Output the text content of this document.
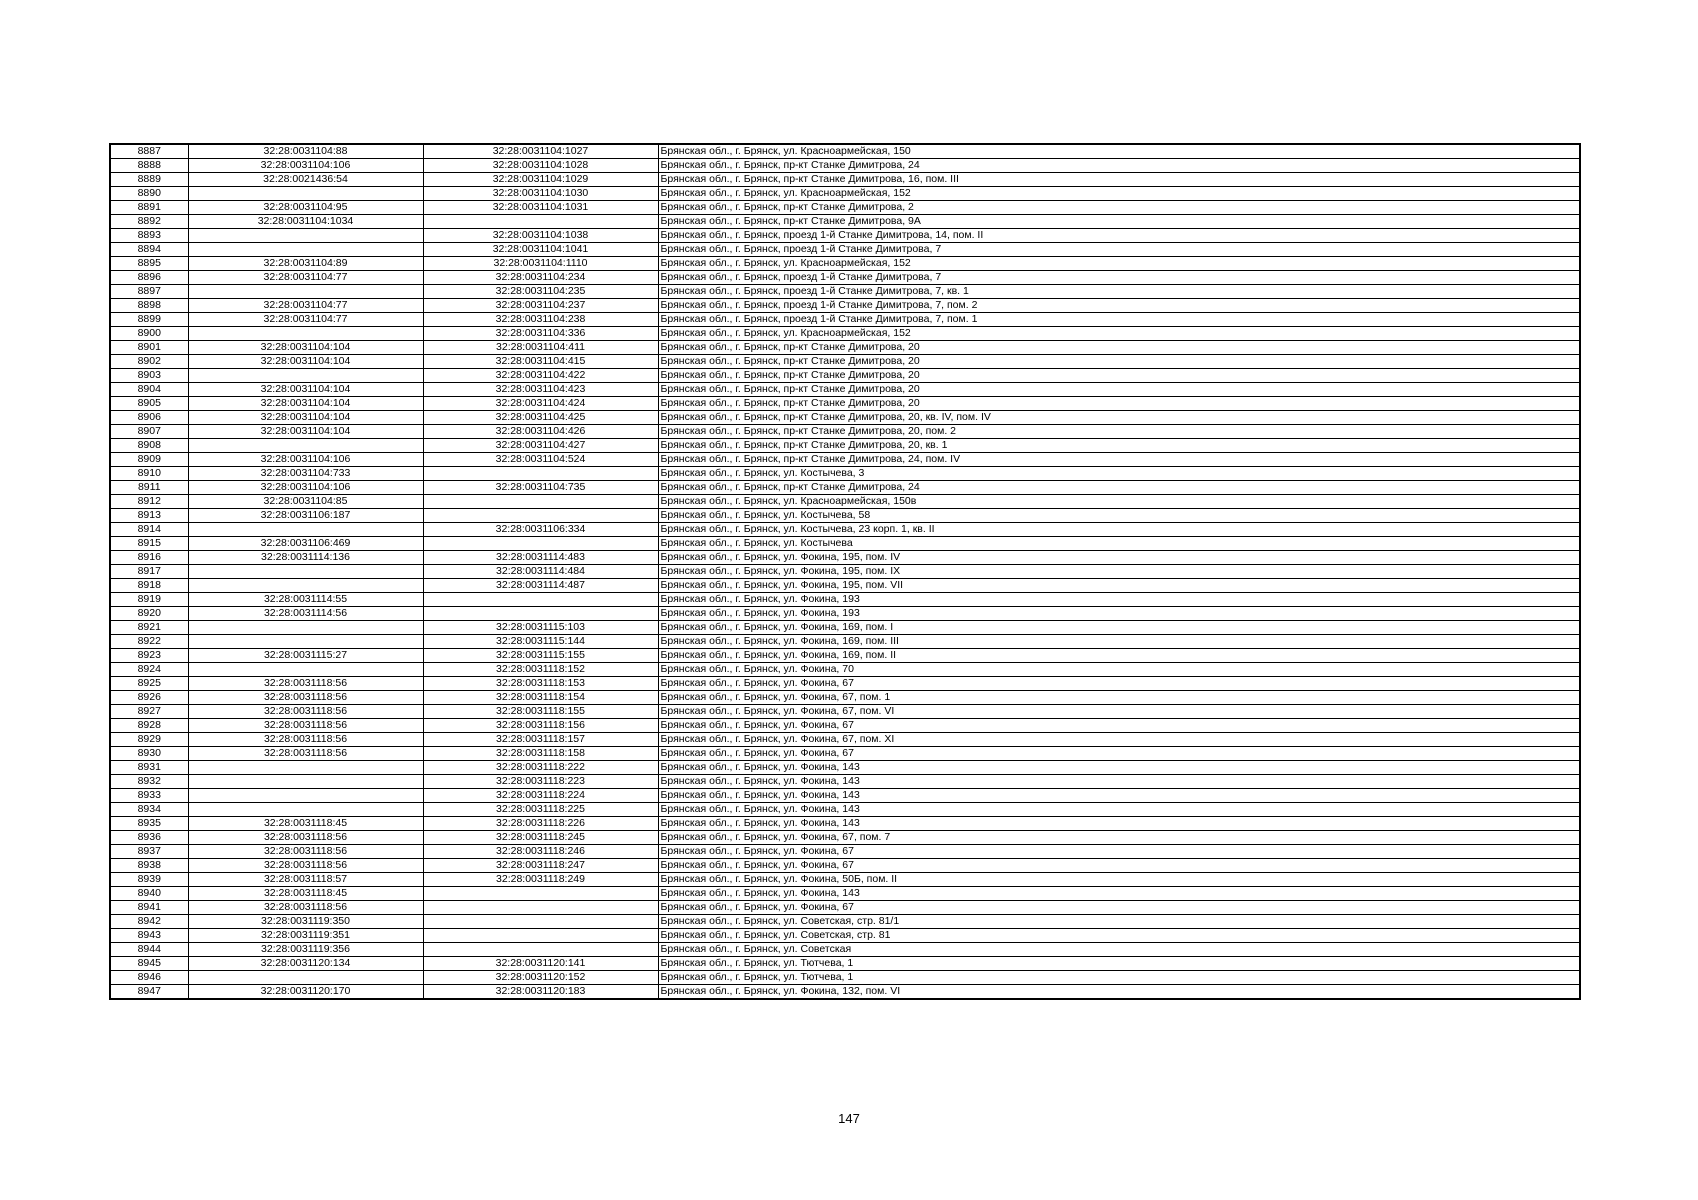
8887	32:28:0031104:88	32:28:0031104:1027	Брянская обл., г. Брянск, ул. Красноармейская, 150
8888	32:28:0031104:106	32:28:0031104:1028	Брянская обл., г. Брянск, пр-кт Станке Димитрова, 24
8889	32:28:0021436:54	32:28:0031104:1029	Брянская обл., г. Брянск, пр-кт Станке Димитрова, 16, пом. III
8890		32:28:0031104:1030	Брянская обл., г. Брянск, ул. Красноармейская, 152
8891	32:28:0031104:95	32:28:0031104:1031	Брянская обл., г. Брянск, пр-кт Станке Димитрова, 2
8892	32:28:0031104:1034		Брянская обл., г. Брянск, пр-кт Станке Димитрова, 9А
8893		32:28:0031104:1038	Брянская обл., г. Брянск, проезд 1-й Станке Димитрова, 14, пом. II
8894		32:28:0031104:1041	Брянская обл., г. Брянск, проезд 1-й Станке Димитрова, 7
8895	32:28:0031104:89	32:28:0031104:1110	Брянская обл., г. Брянск, ул. Красноармейская, 152
8896	32:28:0031104:77	32:28:0031104:234	Брянская обл., г. Брянск, проезд 1-й Станке Димитрова, 7
8897		32:28:0031104:235	Брянская обл., г. Брянск, проезд 1-й Станке Димитрова, 7, кв. 1
8898	32:28:0031104:77	32:28:0031104:237	Брянская обл., г. Брянск, проезд 1-й Станке Димитрова, 7, пом. 2
8899	32:28:0031104:77	32:28:0031104:238	Брянская обл., г. Брянск, проезд 1-й Станке Димитрова, 7, пом. 1
8900		32:28:0031104:336	Брянская обл., г. Брянск, ул. Красноармейская, 152
8901	32:28:0031104:104	32:28:0031104:411	Брянская обл., г. Брянск, пр-кт Станке Димитрова, 20
8902	32:28:0031104:104	32:28:0031104:415	Брянская обл., г. Брянск, пр-кт Станке Димитрова, 20
8903		32:28:0031104:422	Брянская обл., г. Брянск, пр-кт Станке Димитрова, 20
8904	32:28:0031104:104	32:28:0031104:423	Брянская обл., г. Брянск, пр-кт Станке Димитрова, 20
8905	32:28:0031104:104	32:28:0031104:424	Брянская обл., г. Брянск, пр-кт Станке Димитрова, 20
8906	32:28:0031104:104	32:28:0031104:425	Брянская обл., г. Брянск, пр-кт Станке Димитрова, 20, кв. IV, пом. IV
8907	32:28:0031104:104	32:28:0031104:426	Брянская обл., г. Брянск, пр-кт Станке Димитрова, 20, пом. 2
8908		32:28:0031104:427	Брянская обл., г. Брянск, пр-кт Станке Димитрова, 20, кв. 1
8909	32:28:0031104:106	32:28:0031104:524	Брянская обл., г. Брянск, пр-кт Станке Димитрова, 24, пом. IV
8910	32:28:0031104:733		Брянская обл., г. Брянск, ул. Костычева, 3
8911	32:28:0031104:106	32:28:0031104:735	Брянская обл., г. Брянск, пр-кт Станке Димитрова, 24
8912	32:28:0031104:85		Брянская обл., г. Брянск, ул. Красноармейская, 150в
8913	32:28:0031106:187		Брянская обл., г. Брянск, ул. Костычева, 58
8914		32:28:0031106:334	Брянская обл., г. Брянск, ул. Костычева, 23 корп. 1, кв. II
8915	32:28:0031106:469		Брянская обл., г. Брянск, ул. Костычева
8916	32:28:0031114:136	32:28:0031114:483	Брянская обл., г. Брянск, ул. Фокина, 195, пом. IV
8917		32:28:0031114:484	Брянская обл., г. Брянск, ул. Фокина, 195, пом. IX
8918		32:28:0031114:487	Брянская обл., г. Брянск, ул. Фокина, 195, пом. VII
8919	32:28:0031114:55		Брянская обл., г. Брянск, ул. Фокина, 193
8920	32:28:0031114:56		Брянская обл., г. Брянск, ул. Фокина, 193
8921		32:28:0031115:103	Брянская обл., г. Брянск, ул. Фокина, 169, пом. I
8922		32:28:0031115:144	Брянская обл., г. Брянск, ул. Фокина, 169, пом. III
8923	32:28:0031115:27	32:28:0031115:155	Брянская обл., г. Брянск, ул. Фокина, 169, пом. II
8924		32:28:0031118:152	Брянская обл., г. Брянск, ул. Фокина, 70
8925	32:28:0031118:56	32:28:0031118:153	Брянская обл., г. Брянск, ул. Фокина, 67
8926	32:28:0031118:56	32:28:0031118:154	Брянская обл., г. Брянск, ул. Фокина, 67, пом. 1
8927	32:28:0031118:56	32:28:0031118:155	Брянская обл., г. Брянск, ул. Фокина, 67, пом. VI
8928	32:28:0031118:56	32:28:0031118:156	Брянская обл., г. Брянск, ул. Фокина, 67
8929	32:28:0031118:56	32:28:0031118:157	Брянская обл., г. Брянск, ул. Фокина, 67, пом. XI
8930	32:28:0031118:56	32:28:0031118:158	Брянская обл., г. Брянск, ул. Фокина, 67
8931		32:28:0031118:222	Брянская обл., г. Брянск, ул. Фокина, 143
8932		32:28:0031118:223	Брянская обл., г. Брянск, ул. Фокина, 143
8933		32:28:0031118:224	Брянская обл., г. Брянск, ул. Фокина, 143
8934		32:28:0031118:225	Брянская обл., г. Брянск, ул. Фокина, 143
8935	32:28:0031118:45	32:28:0031118:226	Брянская обл., г. Брянск, ул. Фокина, 143
8936	32:28:0031118:56	32:28:0031118:245	Брянская обл., г. Брянск, ул. Фокина, 67, пом. 7
8937	32:28:0031118:56	32:28:0031118:246	Брянская обл., г. Брянск, ул. Фокина, 67
8938	32:28:0031118:56	32:28:0031118:247	Брянская обл., г. Брянск, ул. Фокина, 67
8939	32:28:0031118:57	32:28:0031118:249	Брянская обл., г. Брянск, ул. Фокина, 50Б, пом. II
8940	32:28:0031118:45		Брянская обл., г. Брянск, ул. Фокина, 143
8941	32:28:0031118:56		Брянская обл., г. Брянск, ул. Фокина, 67
8942	32:28:0031119:350		Брянская обл., г. Брянск, ул. Советская, стр. 81/1
8943	32:28:0031119:351		Брянская обл., г. Брянск, ул. Советская, стр. 81
8944	32:28:0031119:356		Брянская обл., г. Брянск, ул. Советская
8945	32:28:0031120:134	32:28:0031120:141	Брянская обл., г. Брянск, ул. Тютчева, 1
8946		32:28:0031120:152	Брянская обл., г. Брянск, ул. Тютчева, 1
8947	32:28:0031120:170	32:28:0031120:183	Брянская обл., г. Брянск, ул. Фокина, 132, пом. VI
147
